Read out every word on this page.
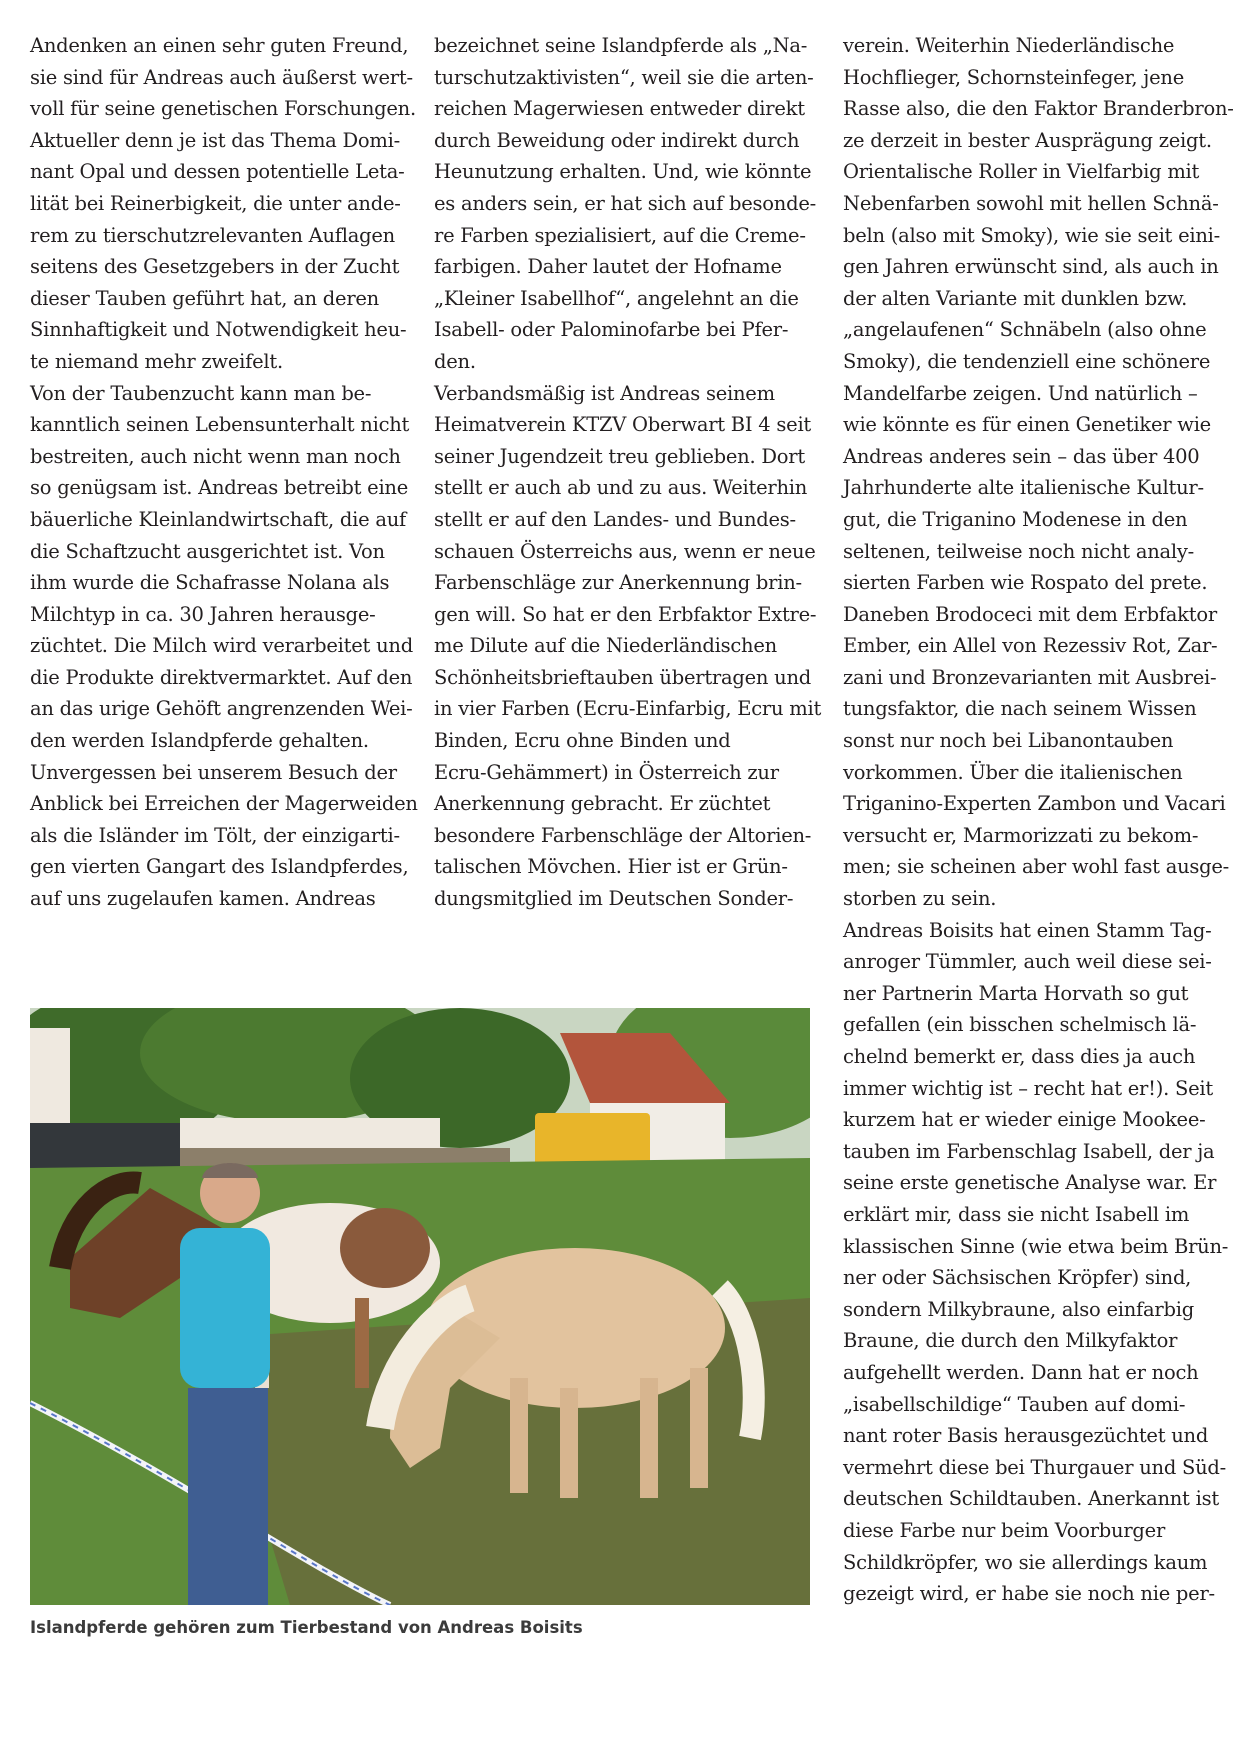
Andenken an einen sehr guten Freund,
sie sind für Andreas auch äußerst wert-
voll für seine genetischen Forschungen.
Aktueller denn je ist das Thema Domi-
nant Opal und dessen potentielle Leta-
lität bei Reinerbigkeit, die unter ande-
rem zu tierschutzrelevanten Auflagen
seitens des Gesetzgebers in der Zucht
dieser Tauben geführt hat, an deren
Sinnhaftigkeit und Notwendigkeit heu-
te niemand mehr zweifelt.
Von der Taubenzucht kann man be-
kanntlich seinen Lebensunterhalt nicht
bestreiten, auch nicht wenn man noch
so genügsam ist. Andreas betreibt eine
bäuerliche Kleinlandwirtschaft, die auf
die Schaftzucht ausgerichtet ist. Von
ihm wurde die Schafrasse Nolana als
Milchtyp in ca. 30 Jahren herausge-
züchtet. Die Milch wird verarbeitet und
die Produkte direktvermarktet. Auf den
an das urige Gehöft angrenzenden Wei-
den werden Islandpferde gehalten.
Unvergessen bei unserem Besuch der
Anblick bei Erreichen der Magerweiden
als die Isländer im Tölt, der einzigarti-
gen vierten Gangart des Islandpferdes,
auf uns zugelaufen kamen. Andreas
bezeichnet seine Islandpferde als „Na-
turschutzaktivisten“, weil sie die arten-
reichen Magerwiesen entweder direkt
durch Beweidung oder indirekt durch
Heunutzung erhalten. Und, wie könnte
es anders sein, er hat sich auf besonde-
re Farben spezialisiert, auf die Creme-
farbigen. Daher lautet der Hofname
„Kleiner Isabellhof“, angelehnt an die
Isabell- oder Palominofarbe bei Pfer-
den.
Verbandsmäßig ist Andreas seinem
Heimatverein KTZV Oberwart BI 4 seit
seiner Jugendzeit treu geblieben. Dort
stellt er auch ab und zu aus. Weiterhin
stellt er auf den Landes- und Bundes-
schauen Österreichs aus, wenn er neue
Farbenschläge zur Anerkennung brin-
gen will. So hat er den Erbfaktor Extre-
me Dilute auf die Niederländischen
Schönheitsbrieftauben übertragen und
in vier Farben (Ecru-Einfarbig, Ecru mit
Binden, Ecru ohne Binden und
Ecru-Gehämmert) in Österreich zur
Anerkennung gebracht. Er züchtet
besondere Farbenschläge der Altorien-
talischen Mövchen. Hier ist er Grün-
dungsmitglied im Deutschen Sonder-
verein. Weiterhin Niederländische
Hochflieger, Schornsteinfeger, jene
Rasse also, die den Faktor Branderbron-
ze derzeit in bester Ausprägung zeigt.
Orientalische Roller in Vielfarbig mit
Nebenfarben sowohl mit hellen Schnä-
beln (also mit Smoky), wie sie seit eini-
gen Jahren erwünscht sind, als auch in
der alten Variante mit dunklen bzw.
„angelaufenen“ Schnäbeln (also ohne
Smoky), die tendenziell eine schönere
Mandelfarbe zeigen. Und natürlich –
wie könnte es für einen Genetiker wie
Andreas anderes sein – das über 400
Jahrhunderte alte italienische Kultur-
gut, die Triganino Modenese in den
seltenen, teilweise noch nicht analy-
sierten Farben wie Rospato del prete.
Daneben Brodoceci mit dem Erbfaktor
Ember, ein Allel von Rezessiv Rot, Zar-
zani und Bronzevarianten mit Ausbrei-
tungsfaktor, die nach seinem Wissen
sonst nur noch bei Libanontauben
vorkommen. Über die italienischen
Triganino-Experten Zambon und Vacari
versucht er, Marmorizzati zu bekom-
men; sie scheinen aber wohl fast ausge-
storben zu sein.
Andreas Boisits hat einen Stamm Tag-
anroger Tümmler, auch weil diese sei-
ner Partnerin Marta Horvath so gut
gefallen (ein bisschen schelmisch lä-
chelnd bemerkt er, dass dies ja auch
immer wichtig ist – recht hat er!). Seit
kurzem hat er wieder einige Mookee-
tauben im Farbenschlag Isabell, der ja
seine erste genetische Analyse war. Er
erklärt mir, dass sie nicht Isabell im
klassischen Sinne (wie etwa beim Brün-
ner oder Sächsischen Kröpfer) sind,
sondern Milkybraune, also einfarbig
Braune, die durch den Milkyfaktor
aufgehellt werden. Dann hat er noch
„isabellschildige“ Tauben auf domi-
nant roter Basis herausgezüchtet und
vermehrt diese bei Thurgauer und Süd-
deutschen Schildtauben. Anerkannt ist
diese Farbe nur beim Voorburger
Schildkröpfer, wo sie allerdings kaum
gezeigt wird, er habe sie noch nie per-
Islandpferde gehören zum Tierbestand von Andreas Boisits
